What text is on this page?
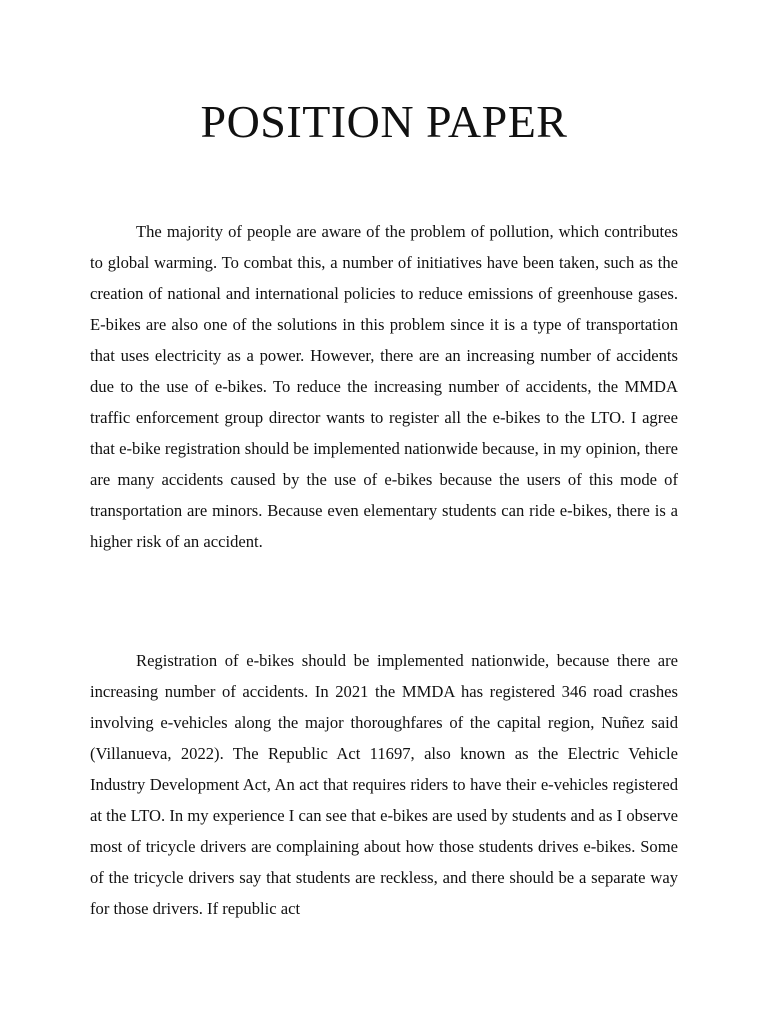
POSITION PAPER

The majority of people are aware of the problem of pollution, which contributes to global warming. To combat this, a number of initiatives have been taken, such as the creation of national and international policies to reduce emissions of greenhouse gases. E-bikes are also one of the solutions in this problem since it is a type of transportation that uses electricity as a power. However, there are an increasing number of accidents due to the use of e-bikes. To reduce the increasing number of accidents, the MMDA traffic enforcement group director wants to register all the e-bikes to the LTO. I agree that e-bike registration should be implemented nationwide because, in my opinion, there are many accidents caused by the use of e-bikes because the users of this mode of transportation are minors. Because even elementary students can ride e-bikes, there is a higher risk of an accident.

Registration of e-bikes should be implemented nationwide, because there are increasing number of accidents. In 2021 the MMDA has registered 346 road crashes involving e-vehicles along the major thoroughfares of the capital region, Nuñez said (Villanueva, 2022). The Republic Act 11697, also known as the Electric Vehicle Industry Development Act, An act that requires riders to have their e-vehicles registered at the LTO. In my experience I can see that e-bikes are used by students and as I observe most of tricycle drivers are complaining about how those students drives e-bikes. Some of the tricycle drivers say that students are reckless, and there should be a separate way for those drivers. If republic act
